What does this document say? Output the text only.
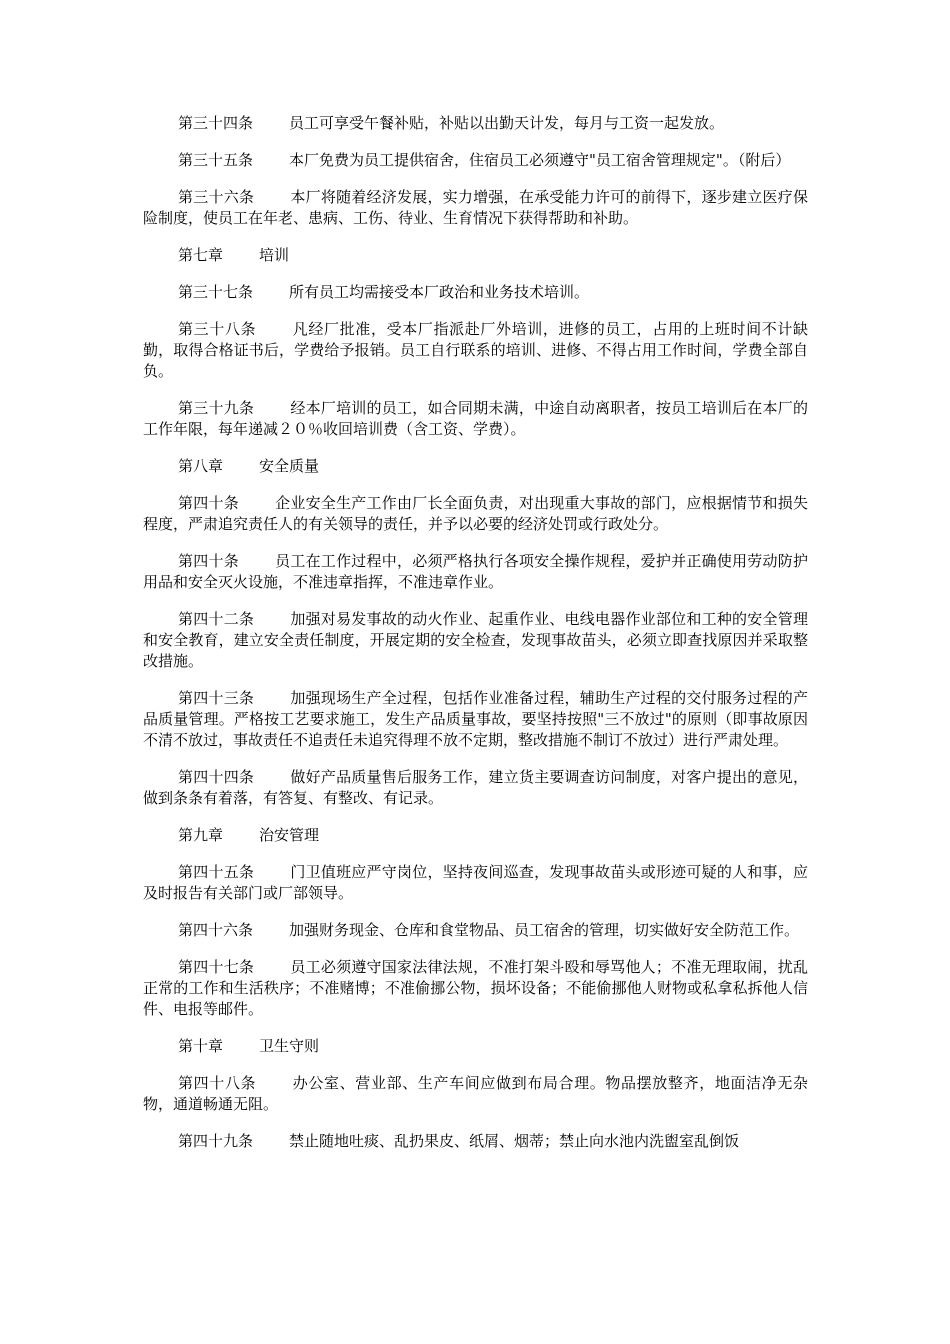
第三十四条 员工可享受午餐补贴，补贴以出勤天计发，每月与工资一起发放。

第三十五条 本厂免费为员工提供宿舍，住宿员工必须遵守"员工宿舍管理规定"。（附后）

第三十六条 本厂将随着经济发展，实力增强，在承受能力许可的前得下，逐步建立医疗保险制度，使员工在年老、患病、工伤、待业、生育情况下获得帮助和补助。

第七章 培训

第三十七条 所有员工均需接受本厂政治和业务技术培训。

第三十八条 凡经厂批准，受本厂指派赴厂外培训，进修的员工，占用的上班时间不计缺勤，取得合格证书后，学费给予报销。员工自行联系的培训、进修、不得占用工作时间，学费全部自负。

第三十九条 经本厂培训的员工，如合同期未满，中途自动离职者，按员工培训后在本厂的工作年限，每年递减２０％收回培训费（含工资、学费）。

第八章 安全质量

第四十条 企业安全生产工作由厂长全面负责，对出现重大事故的部门，应根据情节和损失程度，严肃追究责任人的有关领导的责任，并予以必要的经济处罚或行政处分。

第四十条 员工在工作过程中，必须严格执行各项安全操作规程，爱护并正确使用劳动防护用品和安全灭火设施，不准违章指挥，不准违章作业。

第四十二条 加强对易发事故的动火作业、起重作业、电线电器作业部位和工种的安全管理和安全教育，建立安全责任制度，开展定期的安全检查，发现事故苗头，必须立即查找原因并采取整改措施。

第四十三条 加强现场生产全过程，包括作业准备过程，辅助生产过程的交付服务过程的产品质量管理。严格按工艺要求施工，发生产品质量事故，要坚持按照"三不放过"的原则（即事故原因不清不放过，事故责任不追责任未追究得理不放不定期，整改措施不制订不放过）进行严肃处理。

第四十四条 做好产品质量售后服务工作，建立货主要调查访问制度，对客户提出的意见，做到条条有着落，有答复、有整改、有记录。

第九章 治安管理

第四十五条 门卫值班应严守岗位，坚持夜间巡查，发现事故苗头或形迹可疑的人和事，应及时报告有关部门或厂部领导。

第四十六条 加强财务现金、仓库和食堂物品、员工宿舍的管理，切实做好安全防范工作。

第四十七条 员工必须遵守国家法律法规，不准打架斗殴和辱骂他人；不准无理取闹，扰乱正常的工作和生活秩序；不准赌博；不准偷挪公物，损坏设备；不能偷挪他人财物或私拿私拆他人信件、电报等邮件。

第十章 卫生守则

第四十八条 办公室、营业部、生产车间应做到布局合理。物品摆放整齐，地面洁净无杂物，通道畅通无阻。

第四十九条 禁止随地吐痰、乱扔果皮、纸屑、烟蒂；禁止向水池内洗盥室乱倒饭
